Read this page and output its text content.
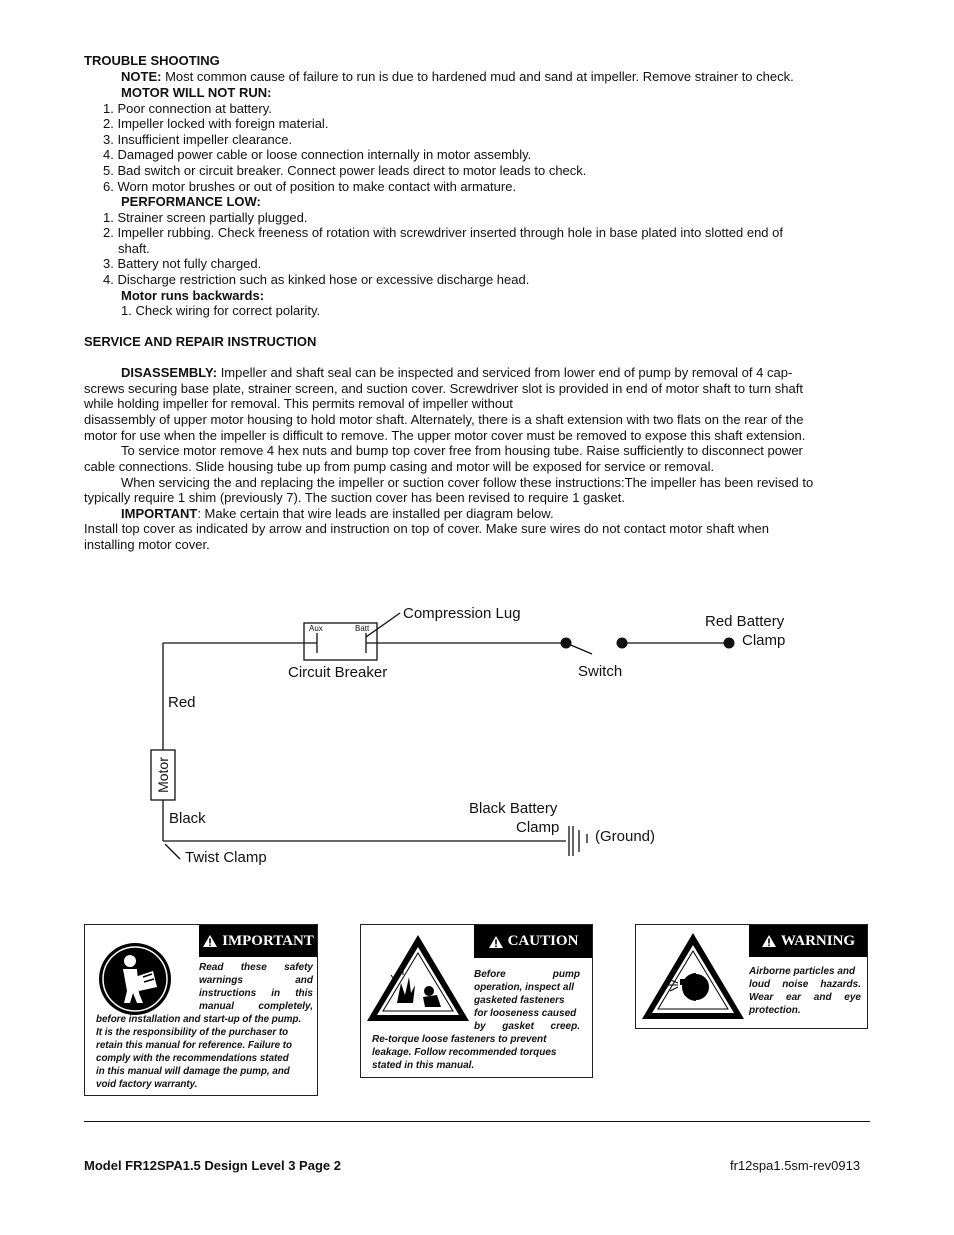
TROUBLE SHOOTING
NOTE: Most common cause of failure to run is due to hardened mud and sand at impeller. Remove strainer to check.
MOTOR WILL NOT RUN:
1. Poor connection at battery.
2. Impeller locked with foreign material.
3. Insufficient impeller clearance.
4. Damaged power cable or loose connection internally in motor assembly.
5. Bad switch or circuit breaker. Connect power leads direct to motor leads to check.
6. Worn motor brushes or out of position to make contact with armature.
PERFORMANCE LOW:
1. Strainer screen partially plugged.
2. Impeller rubbing. Check freeness of rotation with screwdriver inserted through hole in base plated into slotted end of
shaft.
3. Battery not fully charged.
4. Discharge restriction such as kinked hose or excessive discharge head.
Motor runs backwards:
1. Check wiring for correct polarity.
SERVICE AND REPAIR INSTRUCTION
DISASSEMBLY: Impeller and shaft seal can be inspected and serviced from lower end of pump by removal of 4 cap-
screws securing base plate, strainer screen, and suction cover. Screwdriver slot is provided in end of motor shaft to turn shaft
while holding impeller for removal. This permits removal of impeller without
disassembly of upper motor housing to hold motor shaft. Alternately, there is a shaft extension with two flats on the rear of the
motor for use when the impeller is difficult to remove. The upper motor cover must be removed to expose this shaft extension.
To service motor remove 4 hex nuts and bump top cover free from housing tube. Raise sufficiently to disconnect power
cable connections. Slide housing tube up from pump casing and motor will be exposed for service or removal.
When servicing the and replacing the impeller or suction cover follow these instructions:The impeller has been revised to
typically require 1 shim (previously 7). The suction cover has been revised to require 1 gasket.
IMPORTANT: Make certain that wire leads are installed per diagram below.
Install top cover as indicated by arrow and instruction on top of cover. Make sure wires do not contact motor shaft when
installing motor cover.
Compression Lug
Aux	Batt
Circuit Breaker	Switch
Red Battery
Clamp
Red
Motor
Black
Black Battery
Clamp
(Ground)
Twist Clamp
IMPORTANT
Read these safety
warnings and
instructions in this
manual completely,
before installation and start-up of the pump.
It is the responsibility of the purchaser to
retain this manual for reference. Failure to
comply with the recommendations stated
in this manual will damage the pump, and
void factory warranty.
CAUTION
Before pump
operation, inspect all
gasketed fasteners
for looseness caused
by gasket creep.
Re-torque loose fasteners to prevent
leakage. Follow recommended torques
stated in this manual.
WARNING
Airborne particles and
loud noise hazards.
Wear ear and eye
protection.
Model FR12SPA1.5 Design Level 3 Page 2	fr12spa1.5sm-rev0913
